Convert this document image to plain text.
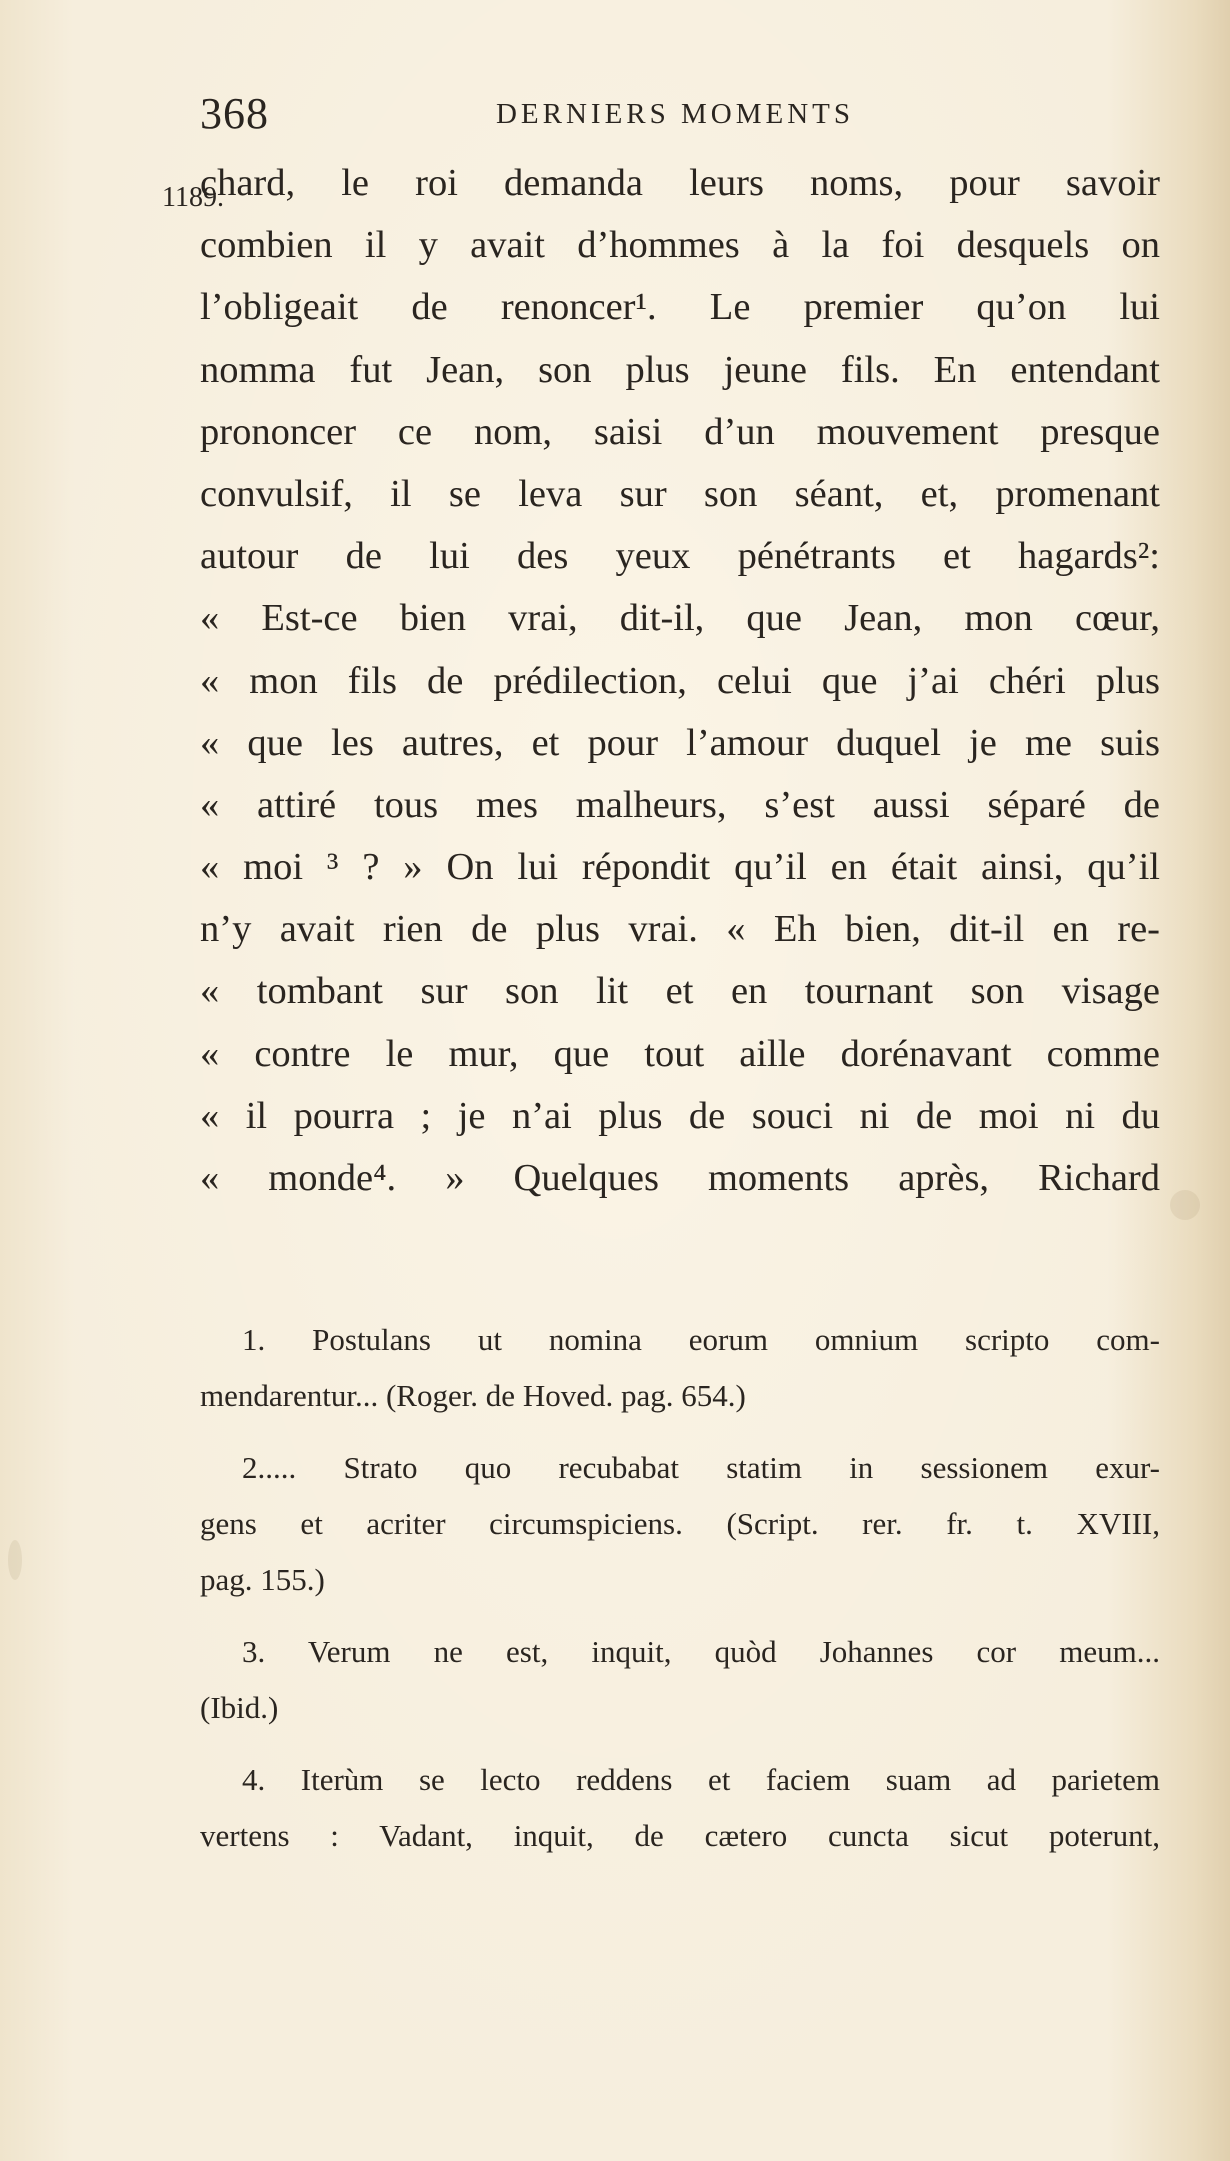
368	DERNIERS MOMENTS
1189.
chard, le roi demanda leurs noms, pour savoir
combien il y avait d’hommes à la foi desquels on
l’obligeait de renoncer¹. Le premier qu’on lui
nomma fut Jean, son plus jeune fils. En entendant
prononcer ce nom, saisi d’un mouvement presque
convulsif, il se leva sur son séant, et, promenant
autour de lui des yeux pénétrants et hagards²:
« Est-ce bien vrai, dit-il, que Jean, mon cœur,
« mon fils de prédilection, celui que j’ai chéri plus
« que les autres, et pour l’amour duquel je me suis
« attiré tous mes malheurs, s’est aussi séparé de
« moi ³ ? » On lui répondit qu’il en était ainsi, qu’il
n’y avait rien de plus vrai. « Eh bien, dit-il en re-
« tombant sur son lit et en tournant son visage
« contre le mur, que tout aille dorénavant comme
« il pourra ; je n’ai plus de souci ni de moi ni du
« monde⁴. » Quelques moments après, Richard
1. Postulans ut nomina eorum omnium scripto com-
mendarentur... (Roger. de Hoved. pag. 654.)
2..... Strato quo recubabat statim in sessionem exur-
gens et acriter circumspiciens. (Script. rer. fr. t. XVIII,
pag. 155.)
3. Verum ne est, inquit, quòd Johannes cor meum...
(Ibid.)
4. Iterùm se lecto reddens et faciem suam ad parietem
vertens : Vadant, inquit, de cætero cuncta sicut poterunt,
